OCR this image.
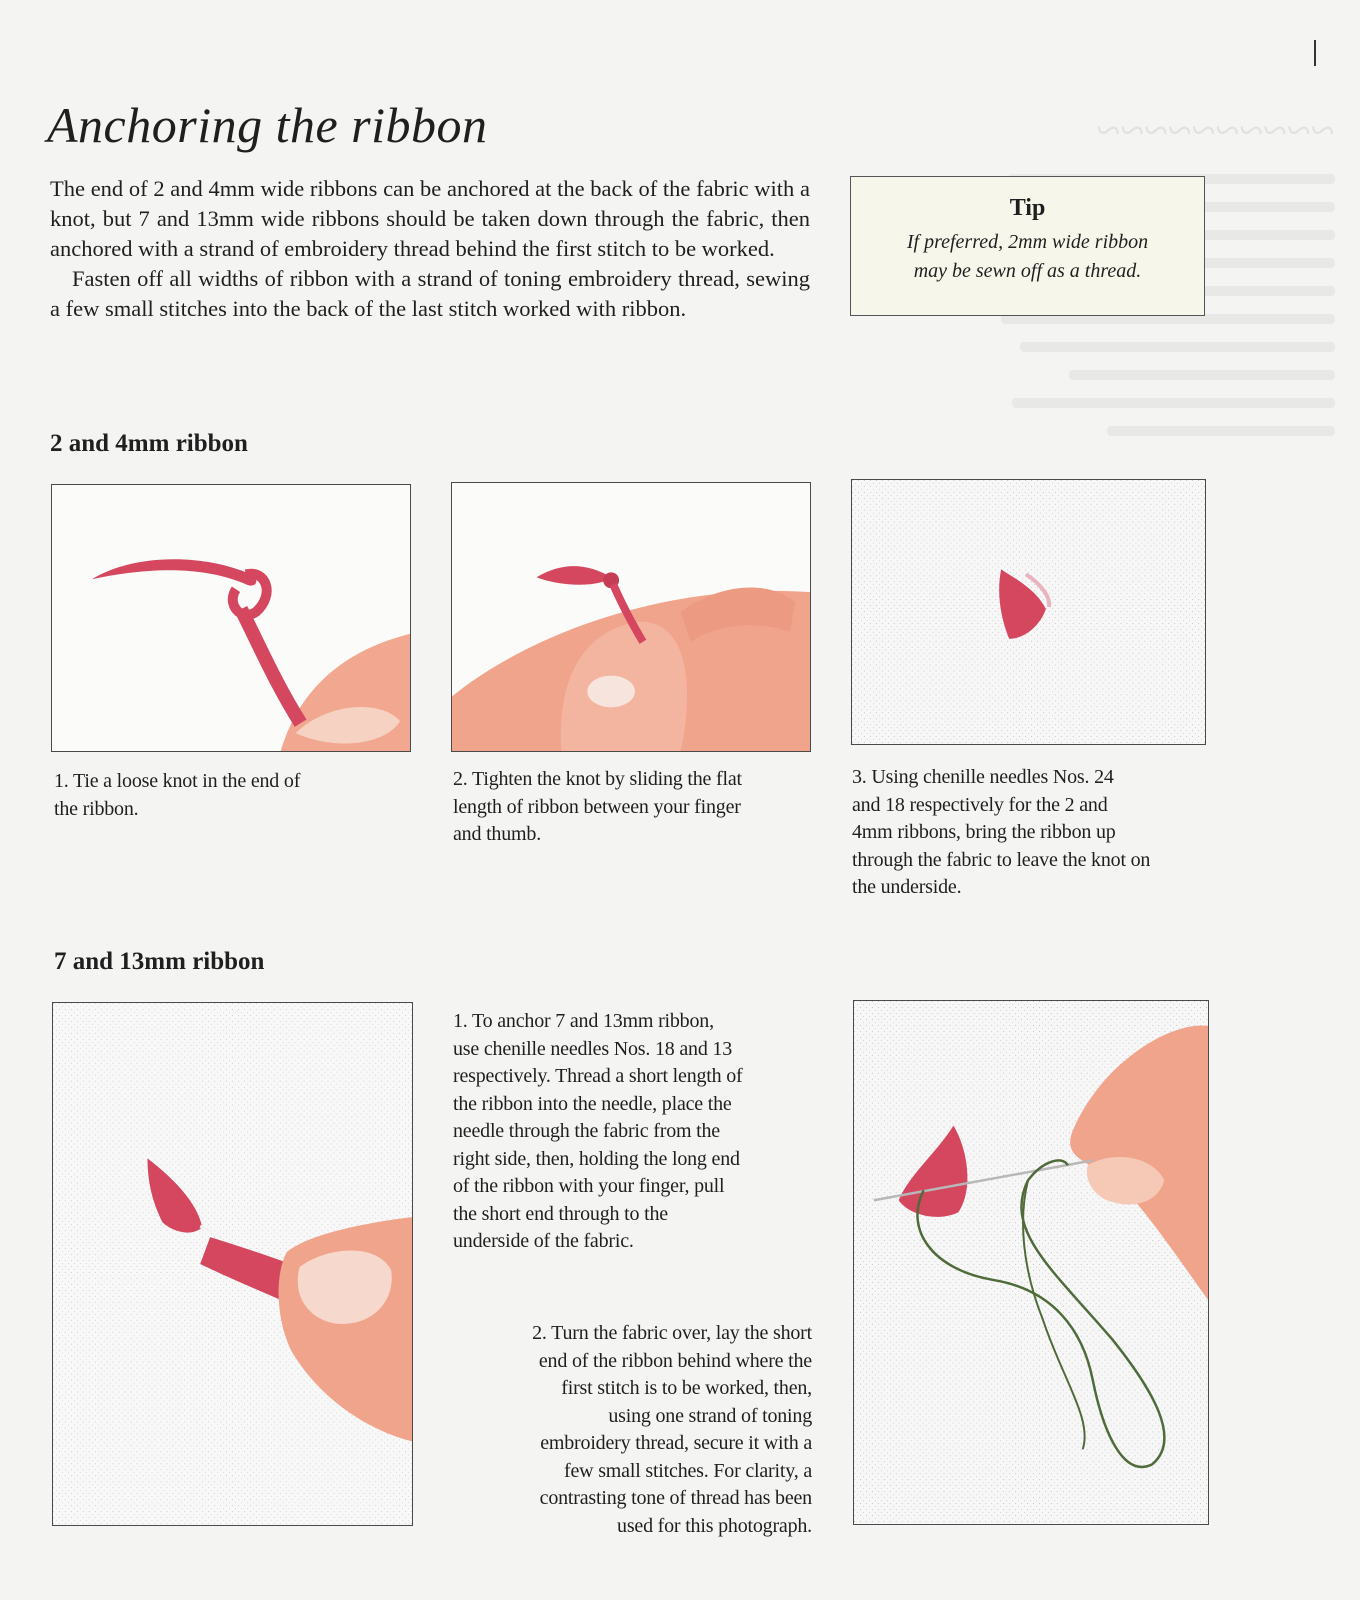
~~~~~~~~~~
Anchoring the ribbon

The end of 2 and 4mm wide ribbons can be anchored at the back of the fabric with a knot, but 7 and 13mm wide ribbons should be taken down through the fabric, then anchored with a strand of embroidery thread behind the first stitch to be worked.

Fasten off all widths of ribbon with a strand of toning embroidery thread, sewing a few small stitches into the back of the last stitch worked with ribbon.

Tip
If preferred, 2mm wide ribbon
may be sewn off as a thread.
2 and 4mm ribbon
1. Tie a loose knot in the end of
the ribbon.
2. Tighten the knot by sliding the flat
length of ribbon between your finger
and thumb.
3. Using chenille needles Nos. 24
and 18 respectively for the 2 and
4mm ribbons, bring the ribbon up
through the fabric to leave the knot on
the underside.
7 and 13mm ribbon
1. To anchor 7 and 13mm ribbon,
use chenille needles Nos. 18 and 13
respectively. Thread a short length of
the ribbon into the needle, place the
needle through the fabric from the
right side, then, holding the long end
of the ribbon with your finger, pull
the short end through to the
underside of the fabric.
2. Turn the fabric over, lay the short
end of the ribbon behind where the
first stitch is to be worked, then,
using one strand of toning
embroidery thread, secure it with a
few small stitches. For clarity, a
contrasting tone of thread has been
used for this photograph.
